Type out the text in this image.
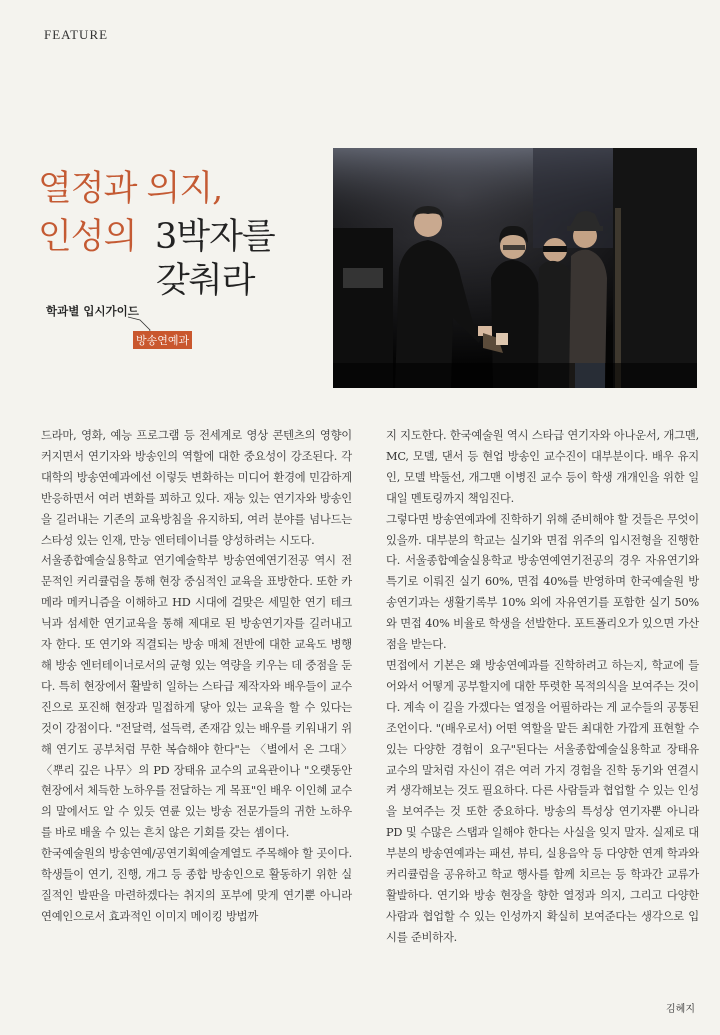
FEATURE
열정과 의지,
인성의 3박자를
갖춰라
학과별 입시가이드
방송연예과

드라마, 영화, 예능 프로그램 등 전세계로 영상 콘텐츠의 영향이 커지면서 연기자와 방송인의 역할에 대한 중요성이 강조된다. 각 대학의 방송연예과에선 이렇듯 변화하는 미디어 환경에 민감하게 반응하면서 여러 변화를 꾀하고 있다. 재능 있는 연기자와 방송인을 길러내는 기존의 교육방침을 유지하되, 여러 분야를 넘나드는 스타성 있는 인재, 만능 엔터테이너를 양성하려는 시도다.

서울종합예술실용학교 연기예술학부 방송연예연기전공 역시 전문적인 커리큘럼을 통해 현장 중심적인 교육을 표방한다. 또한 카메라 메커니즘을 이해하고 HD 시대에 걸맞은 세밀한 연기 테크닉과 섬세한 연기교육을 통해 제대로 된 방송연기자를 길러내고자 한다. 또 연기와 직결되는 방송 매체 전반에 대한 교육도 병행해 방송 엔터테이너로서의 균형 있는 역량을 키우는 데 중점을 둔다. 특히 현장에서 활발히 일하는 스타급 제작자와 배우들이 교수진으로 포진해 현장과 밀접하게 닿아 있는 교육을 할 수 있다는 것이 강점이다. "전달력, 설득력, 존재감 있는 배우를 키워내기 위해 연기도 공부처럼 무한 복습해야 한다"는 〈별에서 온 그대〉 〈뿌리 깊은 나무〉의 PD 장태유 교수의 교육관이나 "오랫동안 현장에서 체득한 노하우를 전달하는 게 목표"인 배우 이인혜 교수의 말에서도 알 수 있듯 연륜 있는 방송 전문가들의 귀한 노하우를 바로 배울 수 있는 흔치 않은 기회를 갖는 셈이다.

한국예술원의 방송연예/공연기획예술계열도 주목해야 할 곳이다. 학생들이 연기, 진행, 개그 등 종합 방송인으로 활동하기 위한 실질적인 발판을 마련하겠다는 취지의 포부에 맞게 연기뿐 아니라 연예인으로서 효과적인 이미지 메이킹 방법까

지 지도한다. 한국예술원 역시 스타급 연기자와 아나운서, 개그맨, MC, 모델, 댄서 등 현업 방송인 교수진이 대부분이다. 배우 유지인, 모델 박둘선, 개그맨 이병진 교수 등이 학생 개개인을 위한 일대일 멘토링까지 책임진다.

그렇다면 방송연예과에 진학하기 위해 준비해야 할 것들은 무엇이 있을까. 대부분의 학교는 실기와 면접 위주의 입시전형을 진행한다. 서울종합예술실용학교 방송연예연기전공의 경우 자유연기와 특기로 이뤄진 실기 60%, 면접 40%를 반영하며 한국예술원 방송연기과는 생활기록부 10% 외에 자유연기를 포함한 실기 50%와 면접 40% 비율로 학생을 선발한다. 포트폴리오가 있으면 가산점을 받는다.

면접에서 기본은 왜 방송연예과를 진학하려고 하는지, 학교에 들어와서 어떻게 공부할지에 대한 뚜렷한 목적의식을 보여주는 것이다. 계속 이 길을 가겠다는 열정을 어필하라는 게 교수들의 공통된 조언이다. "(배우로서) 어떤 역할을 맡든 최대한 가깝게 표현할 수 있는 다양한 경험이 요구"된다는 서울종합예술실용학교 장태유 교수의 말처럼 자신이 겪은 여러 가지 경험을 진학 동기와 연결시켜 생각해보는 것도 필요하다. 다른 사람들과 협업할 수 있는 인성을 보여주는 것 또한 중요하다. 방송의 특성상 연기자뿐 아니라 PD 및 수많은 스탭과 일해야 한다는 사실을 잊지 말자. 실제로 대부분의 방송연예과는 패션, 뷰티, 실용음악 등 다양한 연계 학과와 커리큘럼을 공유하고 학교 행사를 함께 치르는 등 학과간 교류가 활발하다. 연기와 방송 현장을 향한 열정과 의지, 그리고 다양한 사람과 협업할 수 있는 인성까지 확실히 보여준다는 생각으로 입시를 준비하자.

김혜지
